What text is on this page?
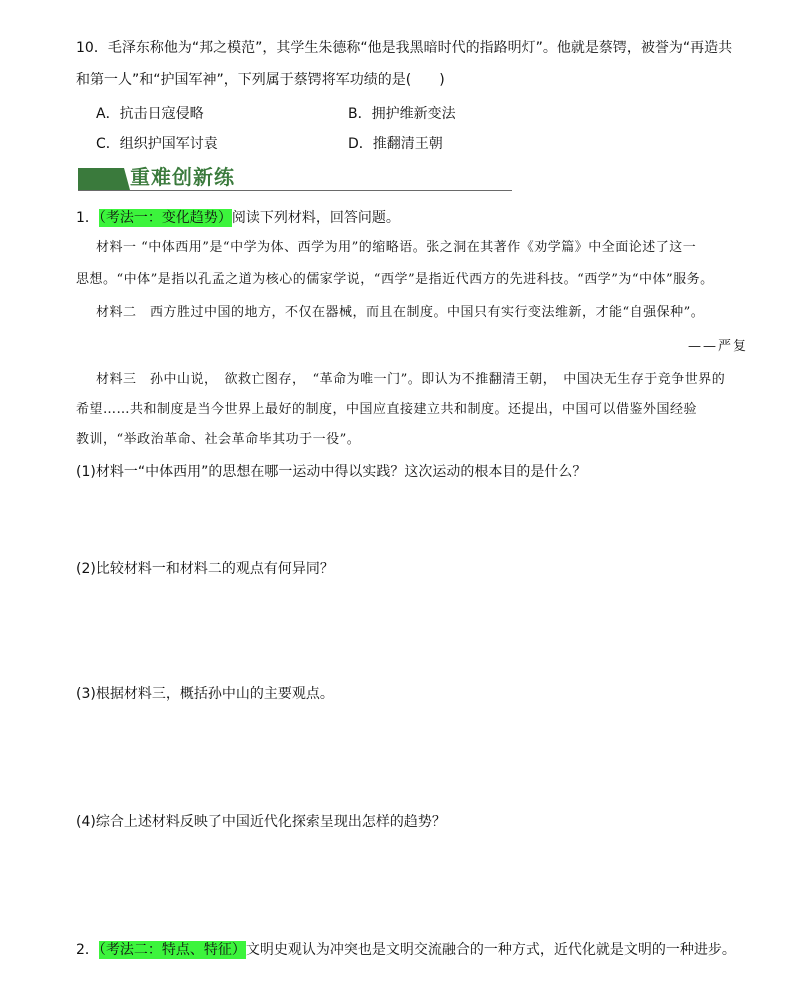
10．毛泽东称他为“邦之模范”，其学生朱德称“他是我黑暗时代的指路明灯”。他就是蔡锷，被誉为“再造共
和第一人”和“护国军神”，下列属于蔡锷将军功绩的是(　　)
A．抗击日寇侵略	B．拥护维新变法
C．组织护国军讨袁	D．推翻清王朝
重难创新练
1．（考法一：变化趋势）阅读下列材料，回答问题。
材料一 “中体西用”是“中学为体、西学为用”的缩略语。张之洞在其著作《劝学篇》中全面论述了这一
思想。“中体”是指以孔孟之道为核心的儒家学说，“西学”是指近代西方的先进科技。“西学”为“中体”服务。
材料二　西方胜过中国的地方，不仅在器械，而且在制度。中国只有实行变法维新，才能“自强保种”。
——严复
材料三　孙中山说，　欲救亡图存，　“革命为唯一门”。即认为不推翻清王朝，　中国决无生存于竞争世界的
希望……共和制度是当今世界上最好的制度，中国应直接建立共和制度。还提出，中国可以借鉴外国经验
教训，“举政治革命、社会革命毕其功于一役”。
(1)材料一“中体西用”的思想在哪一运动中得以实践？这次运动的根本目的是什么？
(2)比较材料一和材料二的观点有何异同？
(3)根据材料三，概括孙中山的主要观点。
(4)综合上述材料反映了中国近代化探索呈现出怎样的趋势？
2．（考法二：特点、特征）文明史观认为冲突也是文明交流融合的一种方式，近代化就是文明的一种进步。
